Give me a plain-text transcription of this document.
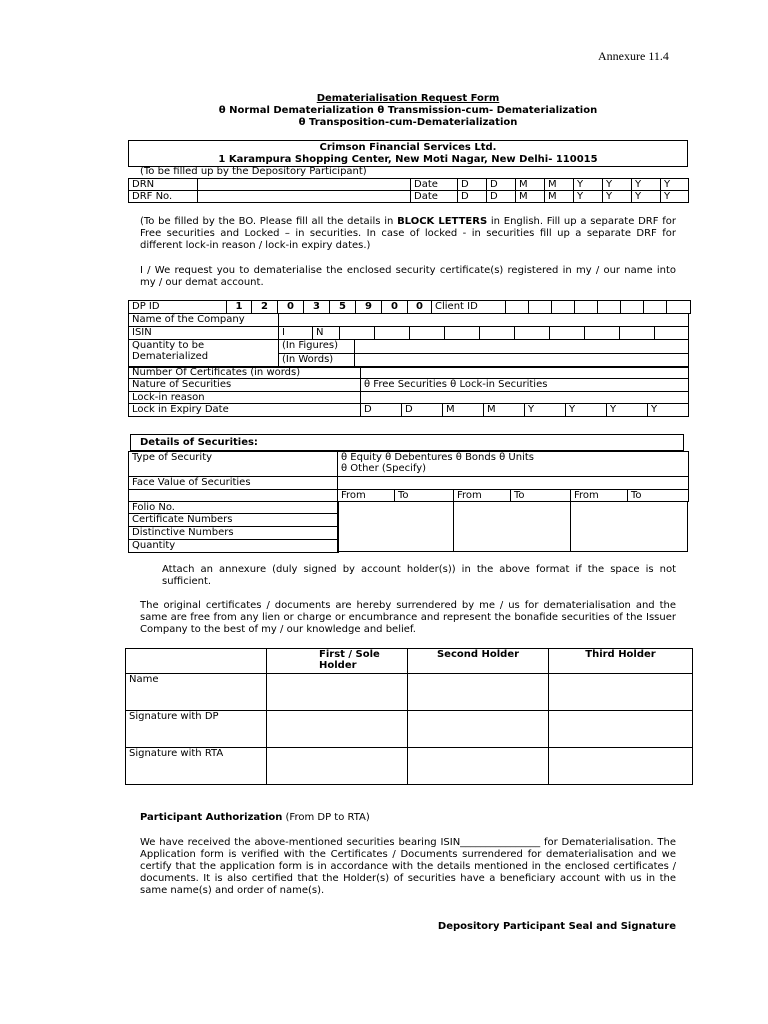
Annexure 11.4
Dematerialisation Request Form
θ Normal Dematerialization θ Transmission-cum- Dematerialization
θ Transposition-cum-Dematerialization
Crimson Financial Services Ltd.
1 Karampura Shopping Center, New Moti Nagar, New Delhi- 110015
(To be filled up by the Depository Participant)
DRN		Date	D	D	M	M	Y	Y	Y	Y
DRF No.		Date	D	D	M	M	Y	Y	Y	Y
(To be filled by the BO. Please fill all the details in BLOCK LETTERS in English. Fill up a separate DRF for Free securities and Locked – in securities. In case of locked - in securities fill up a separate DRF for different lock-in reason / lock-in expiry dates.)
I / We request you to dematerialise the enclosed security certificate(s) registered in my / our name into my / our demat account.
DP ID	1	2	0	3	5	9	0	0	Client ID								
Name of the Company												
ISIN	I	N										
Quantity to be
Dematerialized	(In Figures)	
	(In Words)	
Number Of Certificates (in words)								
Nature of Securities	θ Free Securities θ Lock-in Securities							
Lock-in reason								
Lock in Expiry Date	D	D	M	M	Y	Y	Y	Y
Details of Securities:
Type of Security	θ Equity θ Debentures θ Bonds θ Units
θ Other (Specify)					

Face Value of Securities						
	From	To	From	To	From	To
Folio No.
Certificate Numbers
Distinctive Numbers
Quantity
Attach an annexure (duly signed by account holder(s)) in the above format if the space is not sufficient.
The original certificates / documents are hereby surrendered by me / us for dematerialisation and the same are free from any lien or charge or encumbrance and represent the bonafide securities of the Issuer Company to the best of my / our knowledge and belief.

	First / Sole
Holder	Second Holder	Third Holder
Name			
Signature with DP			
Signature with RTA			
Participant Authorization (From DP to RTA)
We have received the above-mentioned securities bearing ISIN________________ for Dematerialisation. The Application form is verified with the Certificates / Documents surrendered for dematerialisation and we certify that the application form is in accordance with the details mentioned in the enclosed certificates / documents. It is also certified that the Holder(s) of securities have a beneficiary account with us in the same name(s) and order of name(s).
Depository Participant Seal and Signature
